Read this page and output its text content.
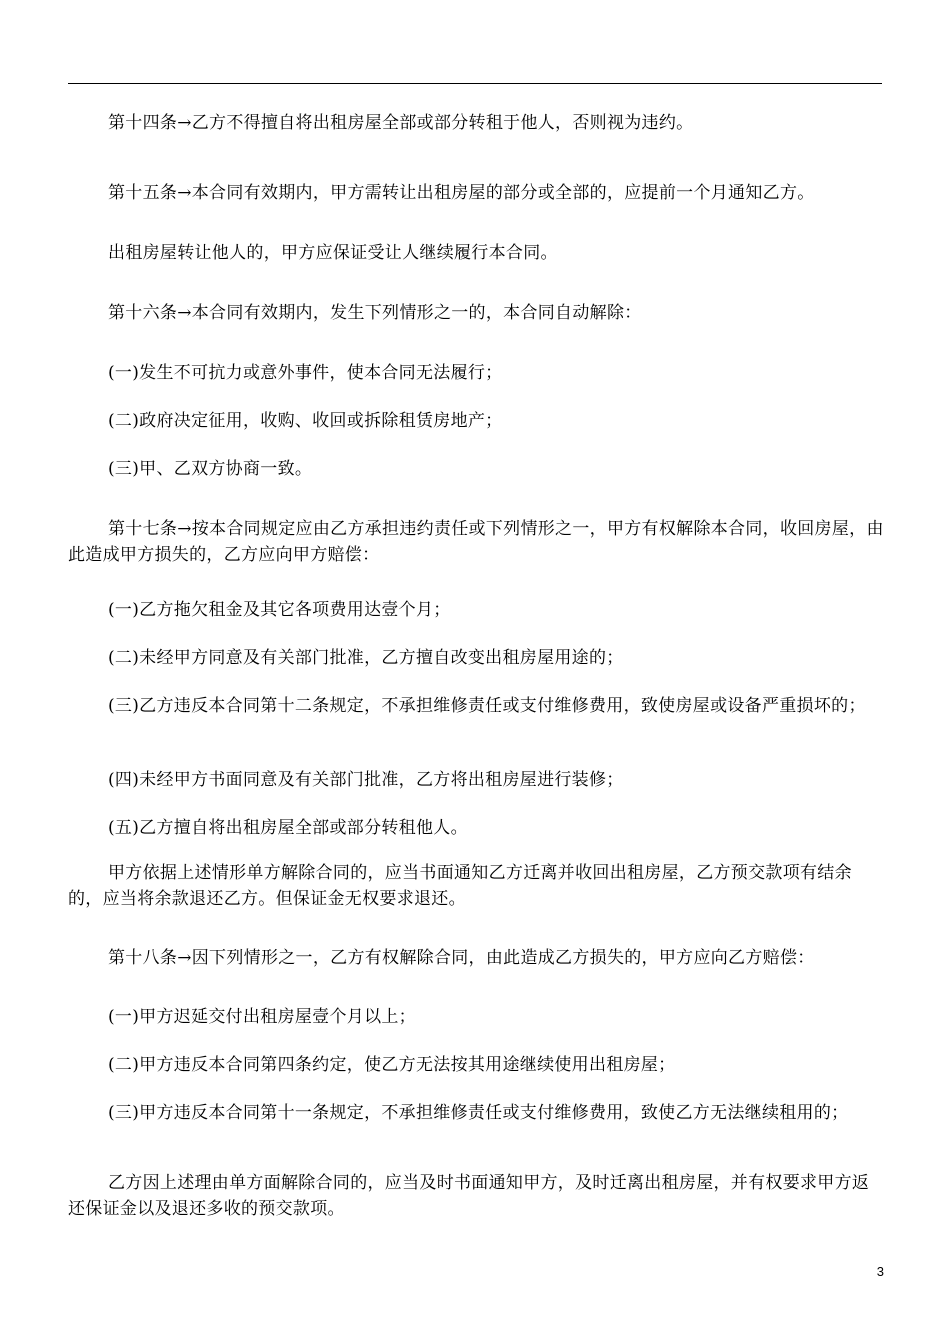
第十四条→乙方不得擅自将出租房屋全部或部分转租于他人，否则视为违约。
第十五条→本合同有效期内，甲方需转让出租房屋的部分或全部的，应提前一个月通知乙方。
出租房屋转让他人的，甲方应保证受让人继续履行本合同。
第十六条→本合同有效期内，发生下列情形之一的，本合同自动解除：
(一)发生不可抗力或意外事件，使本合同无法履行；
(二)政府决定征用，收购、收回或拆除租赁房地产；
(三)甲、乙双方协商一致。
第十七条→按本合同规定应由乙方承担违约责任或下列情形之一，甲方有权解除本合同，收回房屋，由此造成甲方损失的，乙方应向甲方赔偿：
(一)乙方拖欠租金及其它各项费用达壹个月；
(二)未经甲方同意及有关部门批准，乙方擅自改变出租房屋用途的；
(三)乙方违反本合同第十二条规定，不承担维修责任或支付维修费用，致使房屋或设备严重损坏的；
(四)未经甲方书面同意及有关部门批准，乙方将出租房屋进行装修；
(五)乙方擅自将出租房屋全部或部分转租他人。
甲方依据上述情形单方解除合同的，应当书面通知乙方迁离并收回出租房屋，乙方预交款项有结余的，应当将余款退还乙方。但保证金无权要求退还。
第十八条→因下列情形之一，乙方有权解除合同，由此造成乙方损失的，甲方应向乙方赔偿：
(一)甲方迟延交付出租房屋壹个月以上；
(二)甲方违反本合同第四条约定，使乙方无法按其用途继续使用出租房屋；
(三)甲方违反本合同第十一条规定，不承担维修责任或支付维修费用，致使乙方无法继续租用的；
乙方因上述理由单方面解除合同的，应当及时书面通知甲方，及时迁离出租房屋，并有权要求甲方返还保证金以及退还多收的预交款项。
3
